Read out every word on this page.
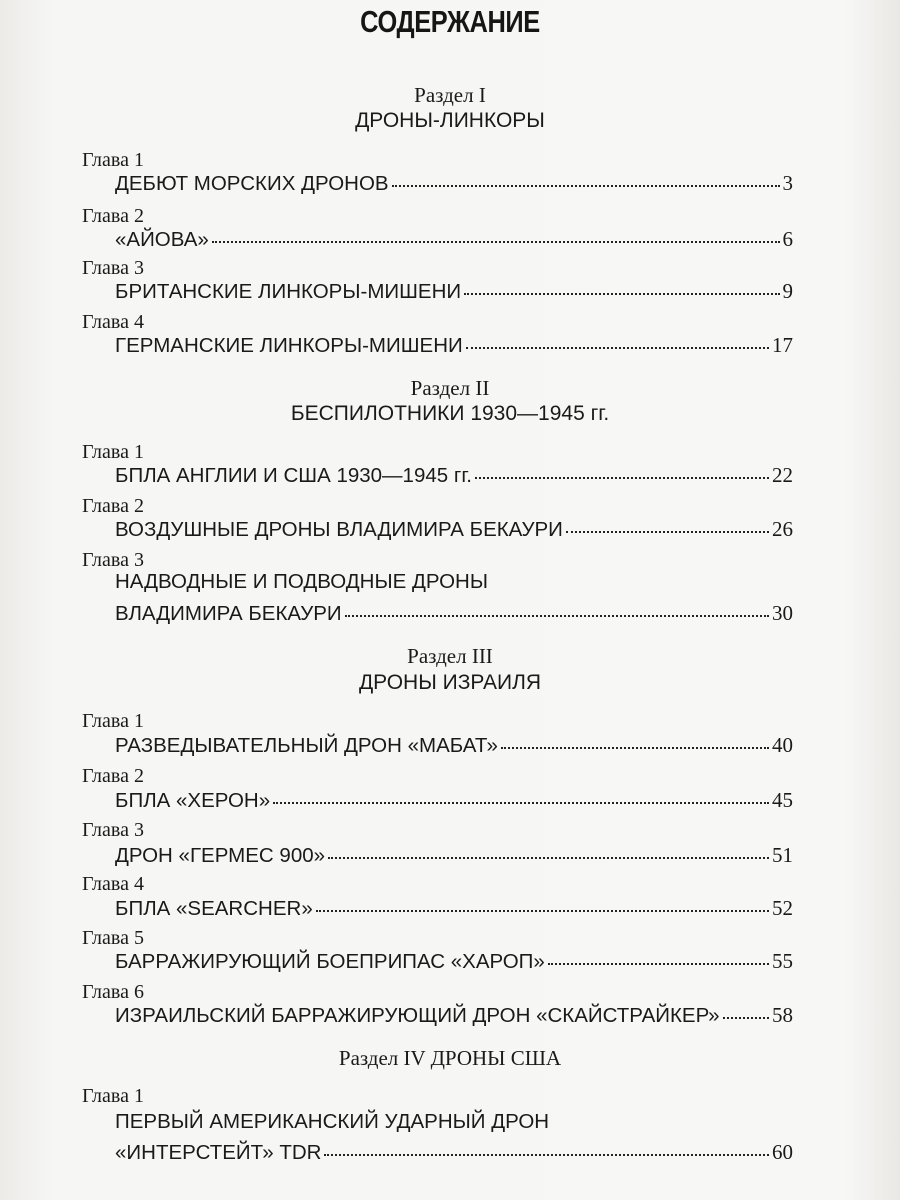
СОДЕРЖАНИЕ
Раздел I
ДРОНЫ-ЛИНКОРЫ
Глава 1
ДЕБЮТ МОРСКИХ ДРОНОВ	3
Глава 2
«АЙОВА»	6
Глава 3
БРИТАНСКИЕ ЛИНКОРЫ-МИШЕНИ	9
Глава 4
ГЕРМАНСКИЕ ЛИНКОРЫ-МИШЕНИ	17
Раздел II
БЕСПИЛОТНИКИ 1930—1945 гг.
Глава 1
БПЛА АНГЛИИ И США 1930—1945 гг.	22
Глава 2
ВОЗДУШНЫЕ ДРОНЫ ВЛАДИМИРА БЕКАУРИ	26
Глава 3
НАДВОДНЫЕ И ПОДВОДНЫЕ ДРОНЫ
ВЛАДИМИРА БЕКАУРИ	30
Раздел III
ДРОНЫ ИЗРАИЛЯ
Глава 1
РАЗВЕДЫВАТЕЛЬНЫЙ ДРОН «МАБАТ»	40
Глава 2
БПЛА «ХЕРОН»	45
Глава 3
ДРОН «ГЕРМЕС 900»	51
Глава 4
БПЛА «SEARCHER»	52
Глава 5
БАРРАЖИРУЮЩИЙ БОЕПРИПАС «ХАРОП»	55
Глава 6
ИЗРАИЛЬСКИЙ БАРРАЖИРУЮЩИЙ ДРОН «СКАЙСТРАЙКЕР» 58
Раздел IV ДРОНЫ США
Глава 1
ПЕРВЫЙ АМЕРИКАНСКИЙ УДАРНЫЙ ДРОН
«ИНТЕРСТЕЙТ» TDR	60
